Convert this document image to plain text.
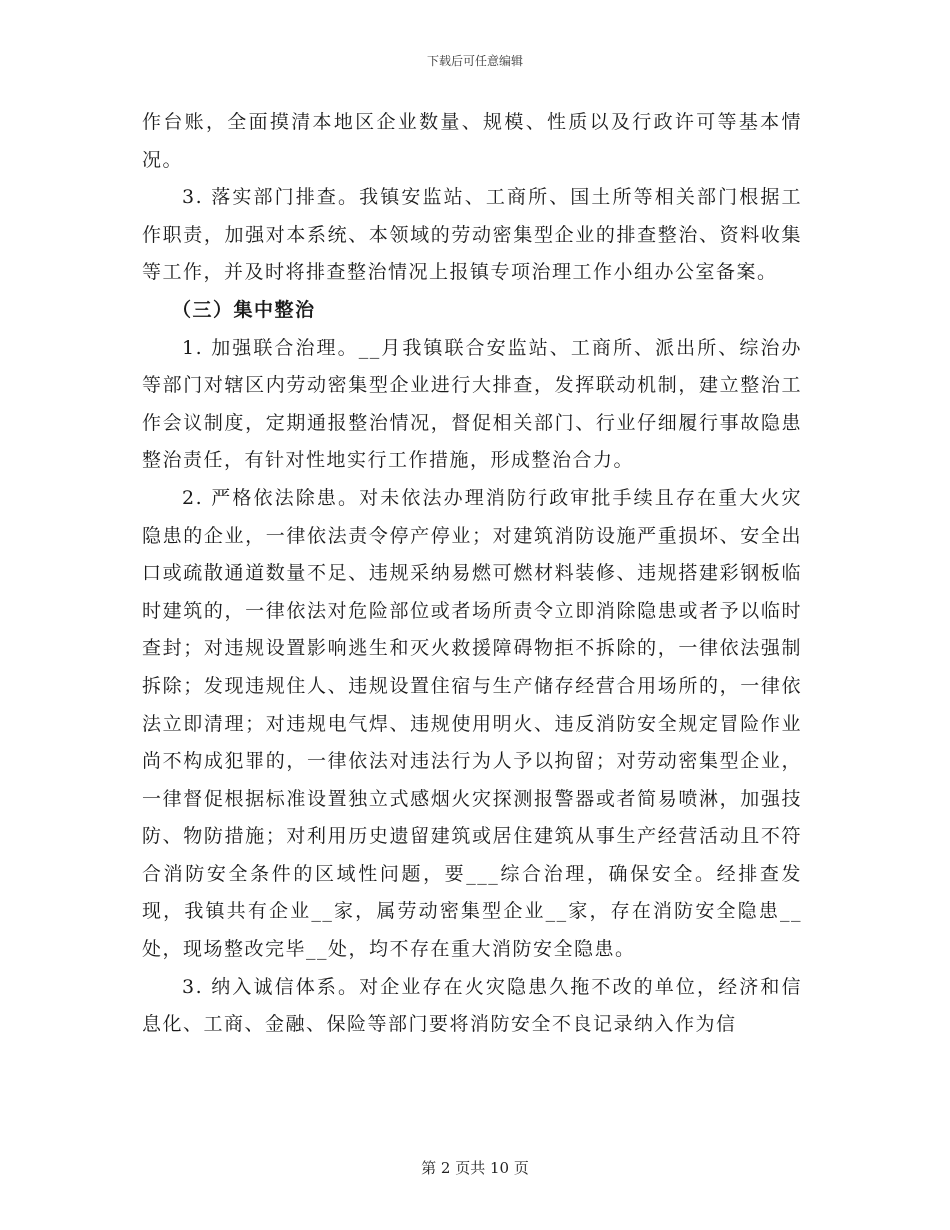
下载后可任意编辑

作台账，全面摸清本地区企业数量、规模、性质以及行政许可等基本情况。

3. 落实部门排查。我镇安监站、工商所、国土所等相关部门根据工作职责，加强对本系统、本领域的劳动密集型企业的排查整治、资料收集等工作，并及时将排查整治情况上报镇专项治理工作小组办公室备案。

（三）集中整治

1. 加强联合治理。__月我镇联合安监站、工商所、派出所、综治办等部门对辖区内劳动密集型企业进行大排查，发挥联动机制，建立整治工作会议制度，定期通报整治情况，督促相关部门、行业仔细履行事故隐患整治责任，有针对性地实行工作措施，形成整治合力。

2. 严格依法除患。对未依法办理消防行政审批手续且存在重大火灾隐患的企业，一律依法责令停产停业；对建筑消防设施严重损坏、安全出口或疏散通道数量不足、违规采纳易燃可燃材料装修、违规搭建彩钢板临时建筑的，一律依法对危险部位或者场所责令立即消除隐患或者予以临时查封；对违规设置影响逃生和灭火救援障碍物拒不拆除的，一律依法强制拆除；发现违规住人、违规设置住宿与生产储存经营合用场所的，一律依法立即清理；对违规电气焊、违规使用明火、违反消防安全规定冒险作业尚不构成犯罪的，一律依法对违法行为人予以拘留；对劳动密集型企业，一律督促根据标准设置独立式感烟火灾探测报警器或者简易喷淋，加强技防、物防措施；对利用历史遗留建筑或居住建筑从事生产经营活动且不符合消防安全条件的区域性问题，要___综合治理，确保安全。经排查发现，我镇共有企业__家，属劳动密集型企业__家，存在消防安全隐患__处，现场整改完毕__处，均不存在重大消防安全隐患。

3. 纳入诚信体系。对企业存在火灾隐患久拖不改的单位，经济和信息化、工商、金融、保险等部门要将消防安全不良记录纳入作为信

第 2 页共 10 页
